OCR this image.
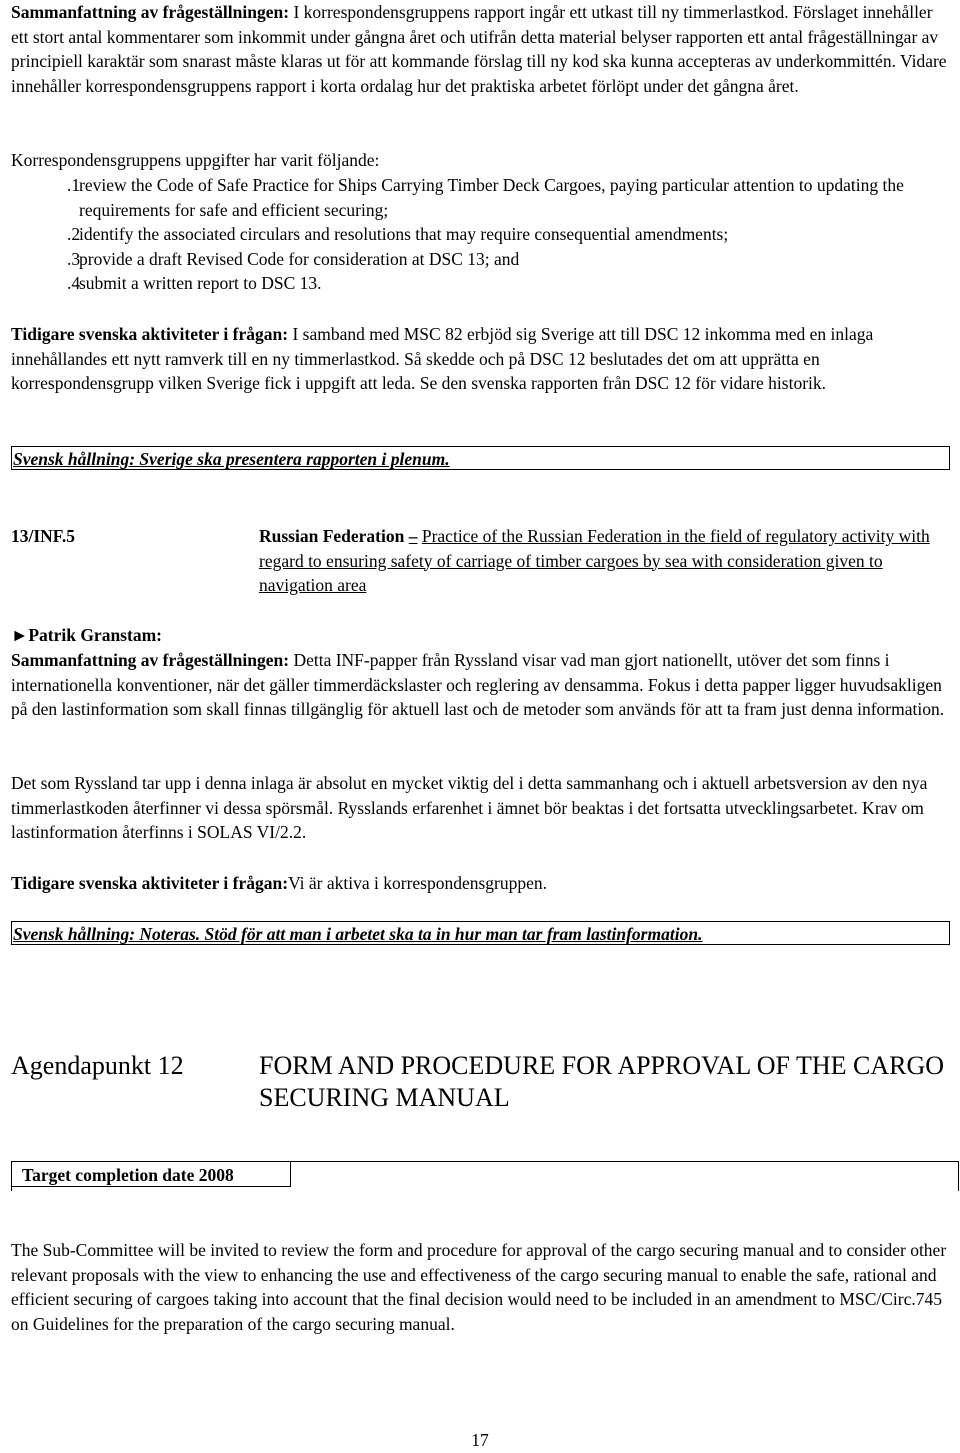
Sammanfattning av frågeställningen: I korrespondensgruppens rapport ingår ett utkast till ny timmerlastkod. Förslaget innehåller ett stort antal kommentarer som inkommit under gångna året och utifrån detta material belyser rapporten ett antal frågeställningar av principiell karaktär som snarast måste klaras ut för att kommande förslag till ny kod ska kunna accepteras av underkommittén. Vidare innehåller korrespondensgruppens rapport i korta ordalag hur det praktiska arbetet förlöpt under det gångna året.

Korrespondensgruppens uppgifter har varit följande:

.1
review the Code of Safe Practice for Ships Carrying Timber Deck Cargoes, paying particular attention to updating the requirements for safe and efficient securing;
.2
identify the associated circulars and resolutions that may require consequential amendments;
.3
provide a draft Revised Code for consideration at DSC 13; and
.4
submit a written report to DSC 13.

Tidigare svenska aktiviteter i frågan: I samband med MSC 82 erbjöd sig Sverige att till DSC 12 inkomma med en inlaga innehållandes ett nytt ramverk till en ny timmerlastkod. Så skedde och på DSC 12 beslutades det om att upprätta en korrespondensgrupp vilken Sverige fick i uppgift att leda. Se den svenska rapporten från DSC 12 för vidare historik.

Svensk hållning: Sverige ska presentera rapporten i plenum.
13/INF.5	Russian Federation – Practice of the Russian Federation in the field of regulatory activity with regard to ensuring safety of carriage of timber cargoes by sea with consideration given to navigation area

►Patrik Granstam:

Sammanfattning av frågeställningen: Detta INF-papper från Ryssland visar vad man gjort nationellt, utöver det som finns i internationella konventioner, när det gäller timmerdäckslaster och reglering av densamma. Fokus i detta papper ligger huvudsakligen på den lastinformation som skall finnas tillgänglig för aktuell last och de metoder som används för att ta fram just denna information.

Det som Ryssland tar upp i denna inlaga är absolut en mycket viktig del i detta sammanhang och i aktuell arbetsversion av den nya timmerlastkoden återfinner vi dessa spörsmål. Rysslands erfarenhet i ämnet bör beaktas i det fortsatta utvecklingsarbetet. Krav om lastinformation återfinns i SOLAS VI/2.2.

Tidigare svenska aktiviteter i frågan:Vi är aktiva i korrespondensgruppen.

Svensk hållning: Noteras. Stöd för att man i arbetet ska ta in hur man tar fram lastinformation.
Agendapunkt 12	FORM AND PROCEDURE FOR APPROVAL OF THE CARGO SECURING MANUAL
Target completion date 2008

The Sub-Committee will be invited to review the form and procedure for approval of the cargo securing manual and to consider other relevant proposals with the view to enhancing the use and effectiveness of the cargo securing manual to enable the safe, rational and efficient securing of cargoes taking into account that the final decision would need to be included in an amendment to MSC/Circ.745 on Guidelines for the preparation of the cargo securing manual.

17
